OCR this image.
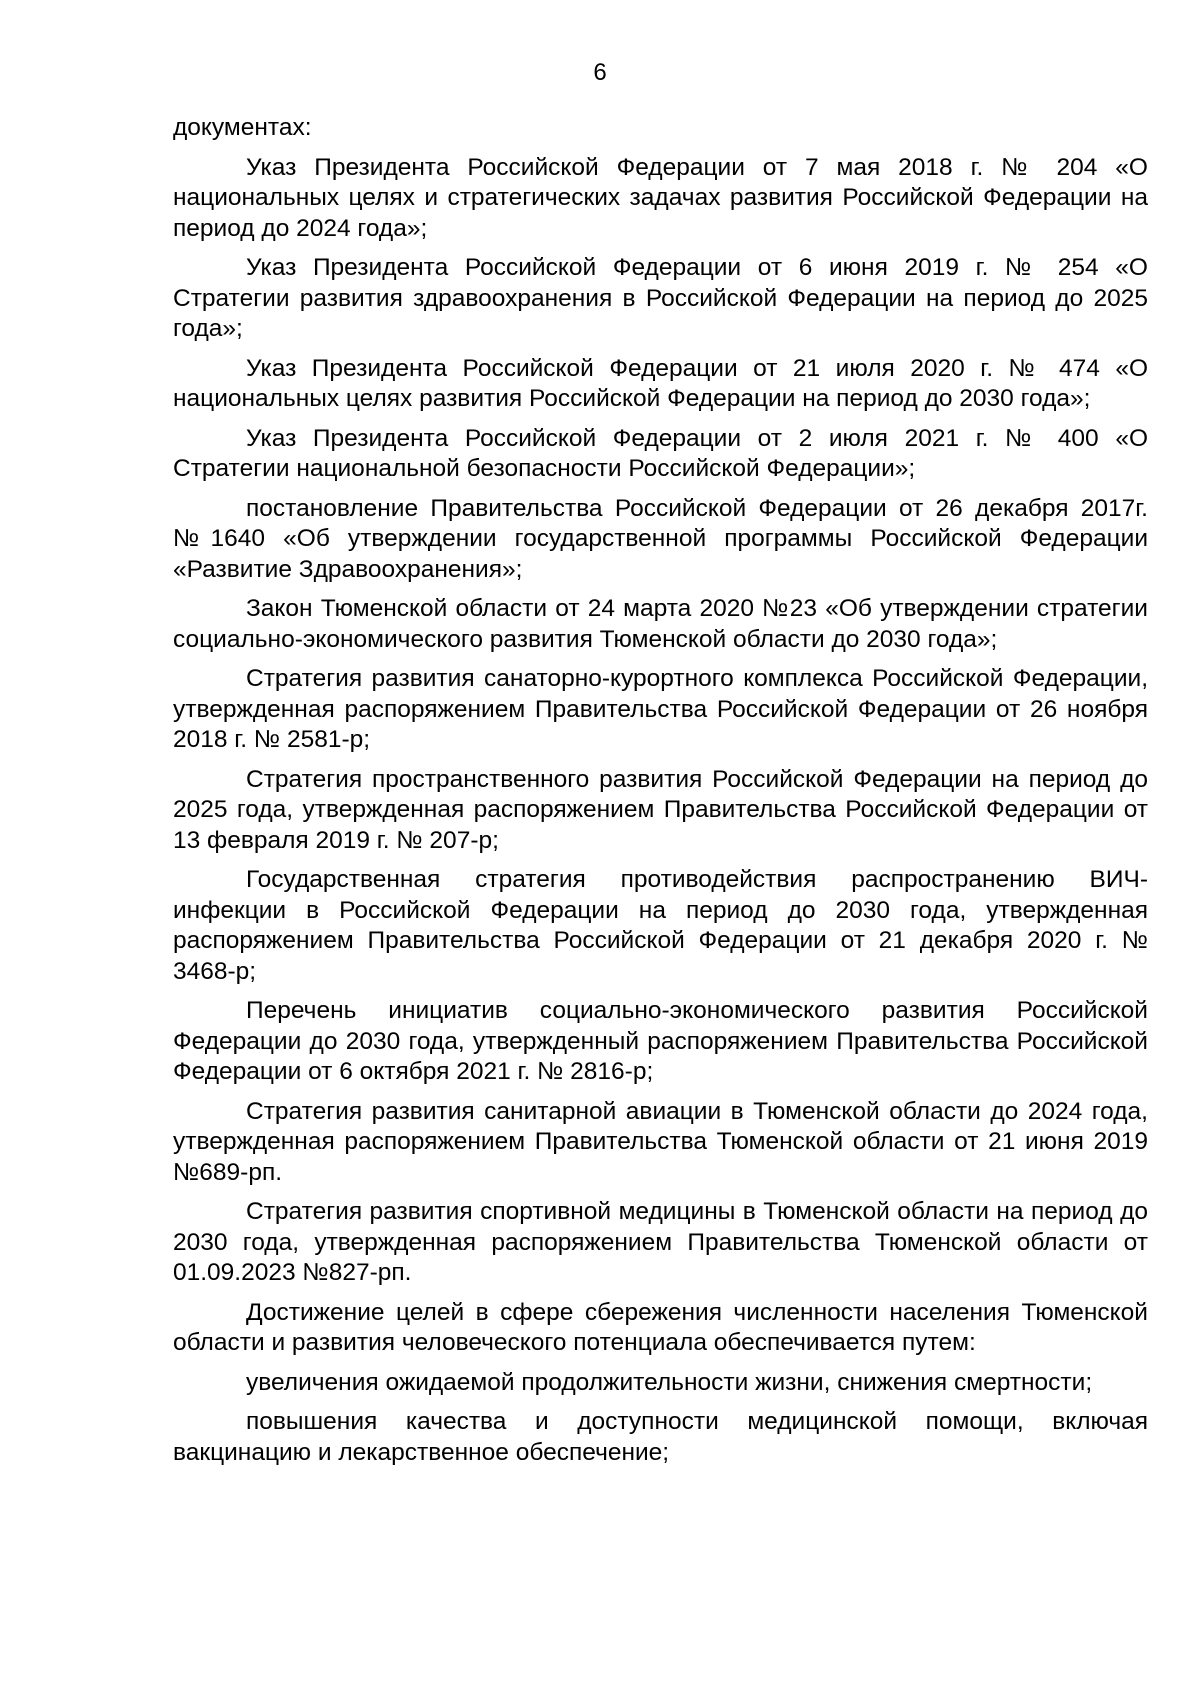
6

документах:

Указ Президента Российской Федерации от 7 мая 2018 г. № 204 «О национальных целях и стратегических задачах развития Российской Федерации на период до 2024 года»;

Указ Президента Российской Федерации от 6 июня 2019 г. № 254 «О Стратегии развития здравоохранения в Российской Федерации на период до 2025 года»;

Указ Президента Российской Федерации от 21 июля 2020 г. № 474 «О национальных целях развития Российской Федерации на период до 2030 года»;

Указ Президента Российской Федерации от 2 июля 2021 г. № 400 «О Стратегии национальной безопасности Российской Федерации»;

постановление Правительства Российской Федерации от 26 декабря 2017г. №1640 «Об утверждении государственной программы Российской Федерации «Развитие Здравоохранения»;

Закон Тюменской области от 24 марта 2020 №23 «Об утверждении стратегии социально-экономического развития Тюменской области до 2030 года»;

Стратегия развития санаторно-курортного комплекса Российской Федерации, утвержденная распоряжением Правительства Российской Федерации от 26 ноября 2018 г. № 2581-р;

Стратегия пространственного развития Российской Федерации на период до 2025 года, утвержденная распоряжением Правительства Российской Федерации от 13 февраля 2019 г. № 207-р;

Государственная стратегия противодействия распространению ВИЧ-инфекции в Российской Федерации на период до 2030 года, утвержденная распоряжением Правительства Российской Федерации от 21 декабря 2020 г. № 3468-р;

Перечень инициатив социально-экономического развития Российской Федерации до 2030 года, утвержденный распоряжением Правительства Российской Федерации от 6 октября 2021 г. № 2816-р;

Стратегия развития санитарной авиации в Тюменской области до 2024 года, утвержденная распоряжением Правительства Тюменской области от 21 июня 2019 №689-рп.

Стратегия развития спортивной медицины в Тюменской области на период до 2030 года, утвержденная распоряжением Правительства Тюменской области от 01.09.2023 №827-рп.

Достижение целей в сфере сбережения численности населения Тюменской области и развития человеческого потенциала обеспечивается путем:

увеличения ожидаемой продолжительности жизни, снижения смертности;

повышения качества и доступности медицинской помощи, включая вакцинацию и лекарственное обеспечение;
